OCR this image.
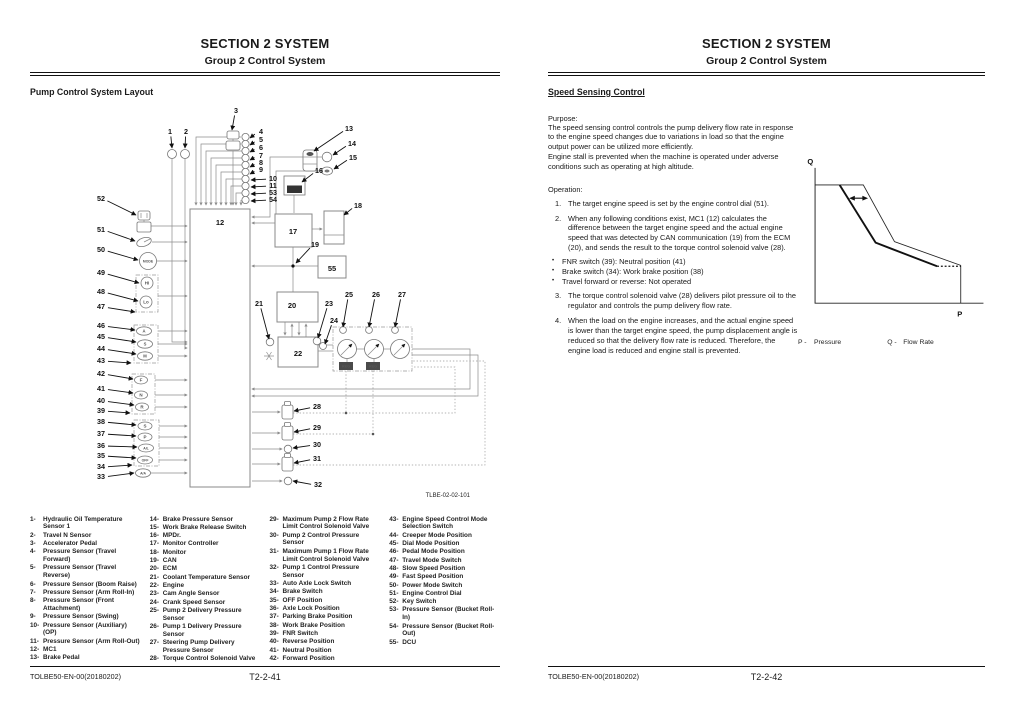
SECTION 2 SYSTEM
Group 2 Control System
Pump Control System Layout
12
17
55
20
22
REG	REG
MODE
Hi
Lo
A
S
M
F
N
R
S
P
A/L
OFF
A/A
1 2
3
4
5
6
7
8
9
10
11
53
54
13
14
15
16
18
19
21	23
24
25	26	27
28
29
30
31
32
52
51
50
49
48
47
46
45
44
43
42
41
40
39
38
37
36
35
34
33
TLBE-02-02-101
1-	Hydraulic Oil Temperature Sensor 1
2-	Travel N Sensor
3-	Accelerator Pedal
4-	Pressure Sensor (Travel Forward)
5-	Pressure Sensor (Travel Reverse)
6-	Pressure Sensor (Boom Raise)
7-	Pressure Sensor (Arm Roll-In)
8-	Pressure Sensor (Front Attachment)
9-	Pressure Sensor (Swing)
10- Pressure Sensor (Auxiliary) (OP)
11- Pressure Sensor (Arm Roll-Out)
12- MC1
13- Brake Pedal
14- Brake Pressure Sensor
15- Work Brake Release Switch
16- MPDr.
17- Monitor Controller
18- Monitor
19- CAN
20- ECM
21- Coolant Temperature Sensor
22- Engine
23- Cam Angle Sensor
24- Crank Speed Sensor
25- Pump 2 Delivery Pressure Sensor
26- Pump 1 Delivery Pressure Sensor
27- Steering Pump Delivery Pressure Sensor
28- Torque Control Solenoid Valve
29- Maximum Pump 2 Flow Rate Limit Control Solenoid Valve
30- Pump 2 Control Pressure Sensor
31- Maximum Pump 1 Flow Rate Limit Control Solenoid Valve
32- Pump 1 Control Pressure Sensor
33- Auto Axle Lock Switch
34- Brake Switch
35- OFF Position
36- Axle Lock Position
37- Parking Brake Position
38- Work Brake Position
39- FNR Switch
40- Reverse Position
41- Neutral Position
42- Forward Position
43- Engine Speed Control Mode Selection Switch
44- Creeper Mode Position
45- Dial Mode Position
46- Pedal Mode Position
47- Travel Mode Switch
48- Slow Speed Position
49- Fast Speed Position
50- Power Mode Switch
51- Engine Control Dial
52- Key Switch
53- Pressure Sensor (Bucket Roll-In)
54- Pressure Sensor (Bucket Roll-Out)
55- DCU
TOLBE50-EN-00(20180202)	T2-2-41
SECTION 2 SYSTEM
Group 2 Control System
Speed Sensing Control
Purpose:

The speed sensing control controls the pump delivery flow rate in response to the engine speed changes due to variations in load so that the engine output power can be utilized more efficiently.

Engine stall is prevented when the machine is operated under adverse conditions such as operating at high altitude.

Operation:
1. The target engine speed is set by the engine control dial (51).
2. When any following conditions exist, MC1 (12) calculates the difference between the target engine speed and the actual engine speed that was detected by CAN communication (19) from the ECM (20), and sends the result to the torque control solenoid valve (28).
•	FNR switch (39): Neutral position (41)
•	Brake switch (34): Work brake position (38)
•	Travel forward or reverse: Not operated
3. The torque control solenoid valve (28) delivers pilot pressure oil to the regulator and controls the pump delivery flow rate.
4. When the load on the engine increases, and the actual engine speed is lower than the target engine speed, the pump displacement angle is reduced so that the delivery flow rate is reduced. Therefore, the engine load is reduced and engine stall is prevented.
Q
P
P -	Pressure	Q - Flow Rate
TOLBE50-EN-00(20180202)	T2-2-42
